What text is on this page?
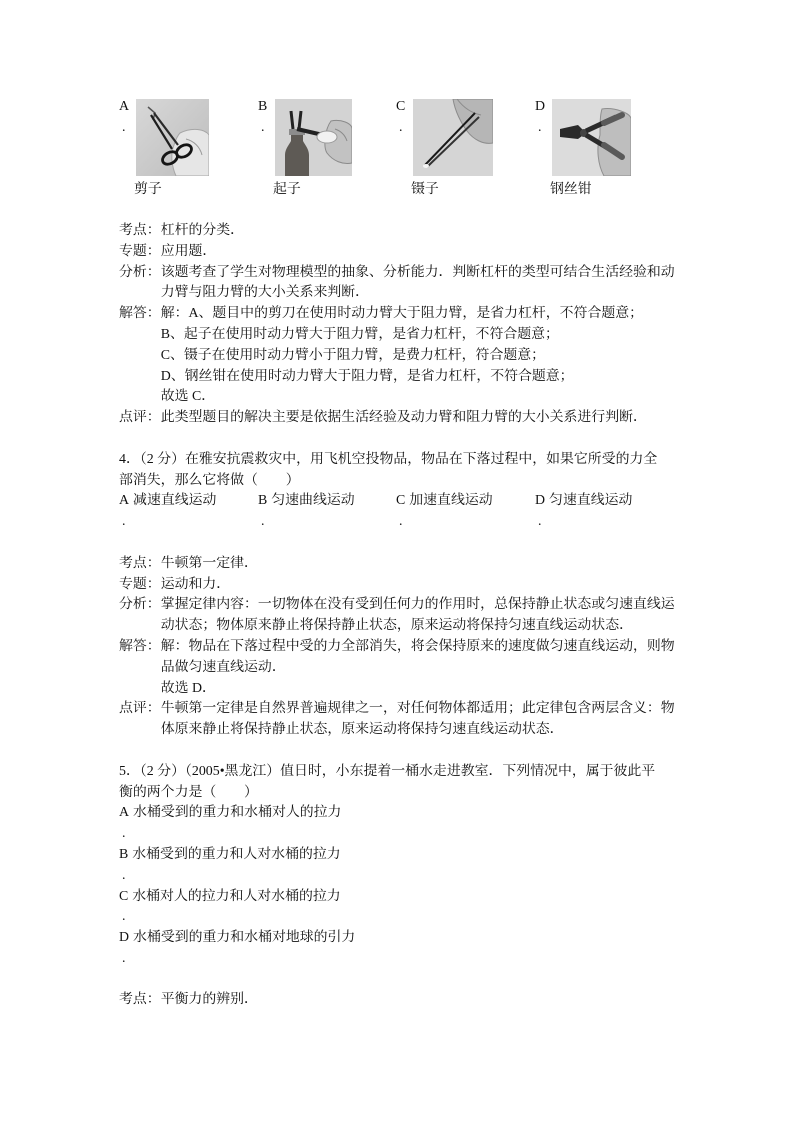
A
.
剪子
B
.
起子
C
.
镊子
D
.
钢丝钳
考点：杠杆的分类．
专题：应用题．
分析：该题考查了学生对物理模型的抽象、分析能力．判断杠杆的类型可结合生活经验和动
力臂与阻力臂的大小关系来判断．
解答：解：A、题目中的剪刀在使用时动力臂大于阻力臂，是省力杠杆，不符合题意；
B、起子在使用时动力臂大于阻力臂，是省力杠杆，不符合题意；
C、镊子在使用时动力臂小于阻力臂，是费力杠杆，符合题意；
D、钢丝钳在使用时动力臂大于阻力臂，是省力杠杆，不符合题意；
故选 C．
点评：此类型题目的解决主要是依据生活经验及动力臂和阻力臂的大小关系进行判断．
4．（2 分）在雅安抗震救灾中，用飞机空投物品，物品在下落过程中，如果它所受的力全
部消失，那么它将做（　　）
A 减速直线运动	B 匀速曲线运动	C 加速直线运动	D 匀速直线运动
.	.	.	.
考点：牛顿第一定律．
专题：运动和力．
分析：掌握定律内容：一切物体在没有受到任何力的作用时，总保持静止状态或匀速直线运
动状态；物体原来静止将保持静止状态，原来运动将保持匀速直线运动状态．
解答：解：物品在下落过程中受的力全部消失，将会保持原来的速度做匀速直线运动，则物
品做匀速直线运动．
故选 D．
点评：牛顿第一定律是自然界普遍规律之一，对任何物体都适用；此定律包含两层含义：物
体原来静止将保持静止状态，原来运动将保持匀速直线运动状态．
5．（2 分）（2005•黑龙江）值日时，小东提着一桶水走进教室．下列情况中，属于彼此平
衡的两个力是（　　）
A 水桶受到的重力和水桶对人的拉力
.
B 水桶受到的重力和人对水桶的拉力
.
C 水桶对人的拉力和人对水桶的拉力
.
D 水桶受到的重力和水桶对地球的引力
.
考点：平衡力的辨别．
